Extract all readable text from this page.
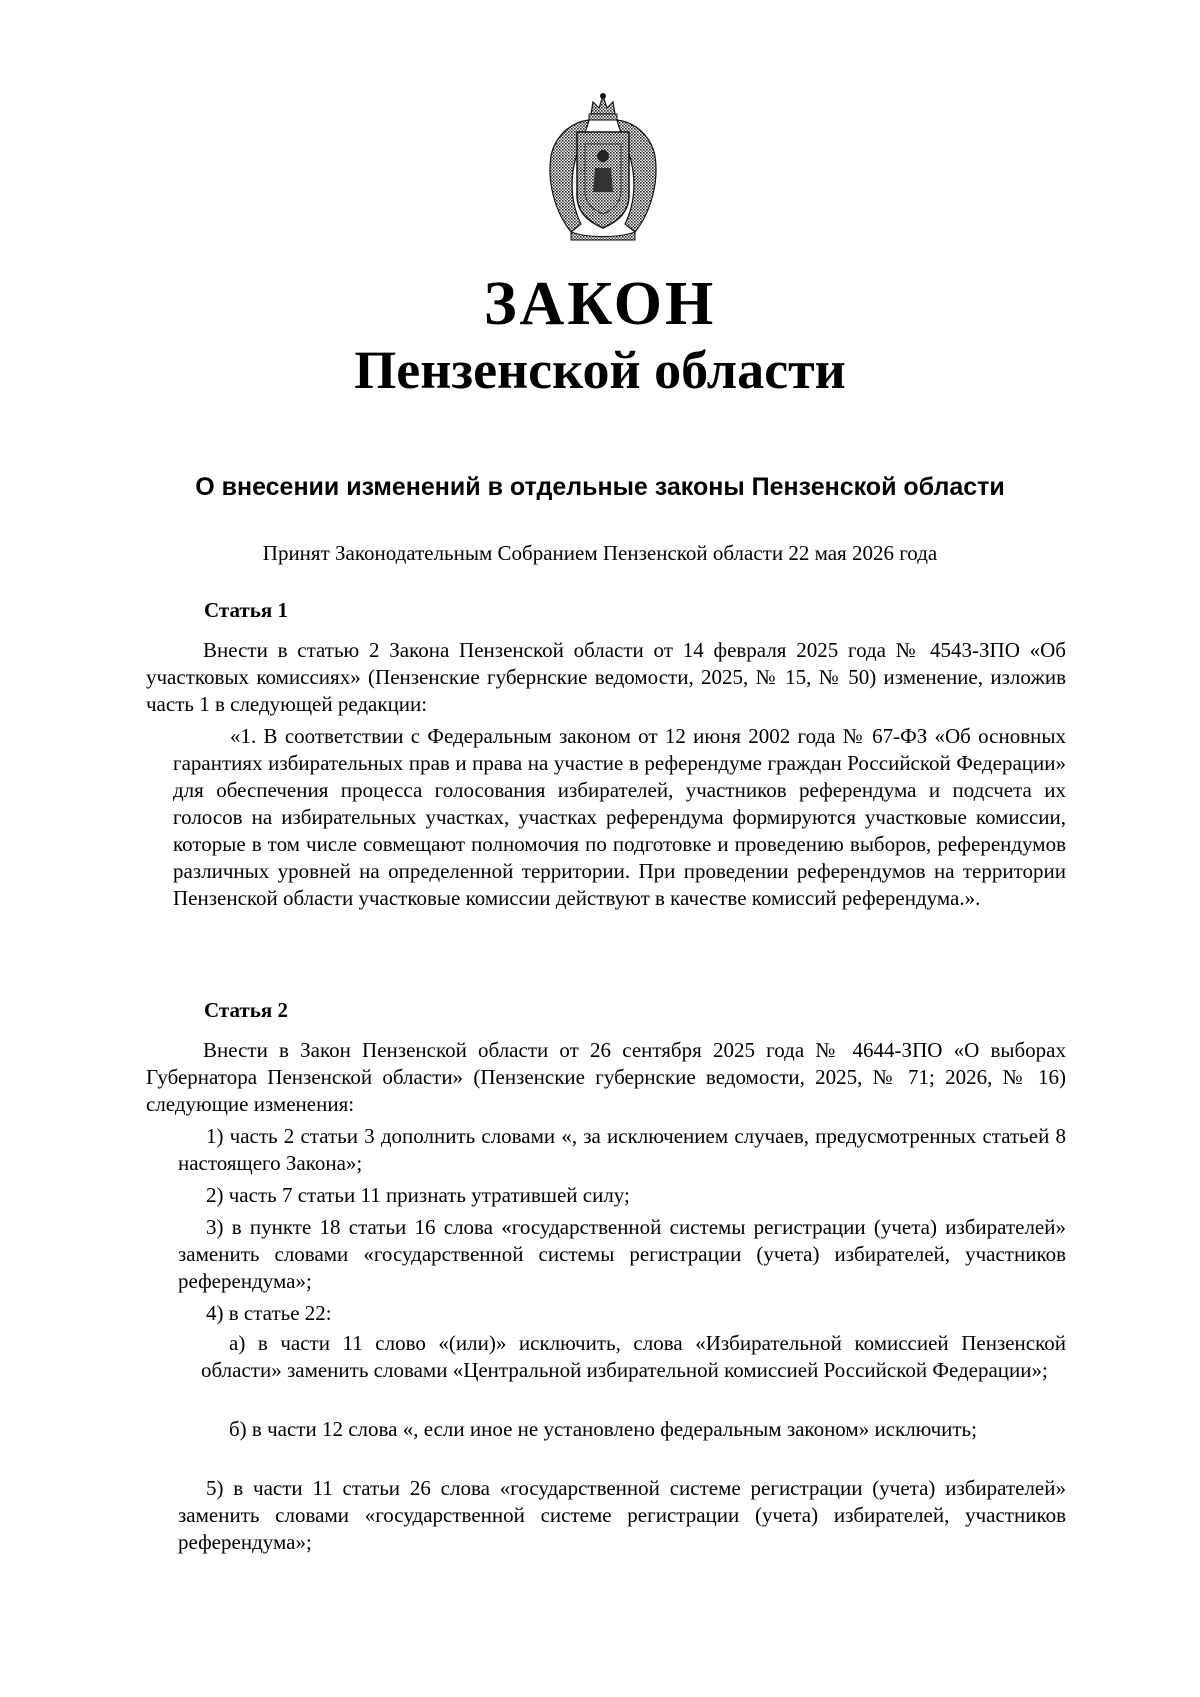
ЗАКОН
Пензенской области
О внесении изменений в отдельные законы Пензенской области
Принят Законодательным Собранием Пензенской области 22 мая 2026 года
Статья 1
Внести в статью 2 Закона Пензенской области от 14 февраля 2025 года № 4543-ЗПО «Об участковых комиссиях» (Пензенские губернские ведомости, 2025, № 15, № 50) изменение, изложив часть 1 в следующей редакции:
«1. В соответствии с Федеральным законом от 12 июня 2002 года № 67-ФЗ «Об основных гарантиях избирательных прав и права на участие в референдуме граждан Российской Федерации» для обеспечения процесса голосования избирателей, участников референдума и подсчета их голосов на избирательных участках, участках референдума формируются участковые комиссии, которые в том числе совмещают полномочия по подготовке и проведению выборов, референдумов различных уровней на определенной территории. При проведении референдумов на территории Пензенской области участковые комиссии действуют в качестве комиссий референдума.».
Статья 2
Внести в Закон Пензенской области от 26 сентября 2025 года № 4644-ЗПО «О выборах Губернатора Пензенской области» (Пензенские губернские ведомости, 2025, № 71; 2026, № 16) следующие изменения:
1) часть 2 статьи 3 дополнить словами «, за исключением случаев, предусмотренных статьей 8 настоящего Закона»;
2) часть 7 статьи 11 признать утратившей силу;
3) в пункте 18 статьи 16 слова «государственной системы регистрации (учета) избирателей» заменить словами «государственной системы регистрации (учета) избирателей, участников референдума»;
4) в статье 22:
а) в части 11 слово «(или)» исключить, слова «Избирательной комиссией Пензенской области» заменить словами «Центральной избирательной комиссией Российской Федерации»;
б) в части 12 слова «, если иное не установлено федеральным законом» исключить;
5) в части 11 статьи 26 слова «государственной системе регистрации (учета) избирателей» заменить словами «государственной системе регистрации (учета) избирателей, участников референдума»;
